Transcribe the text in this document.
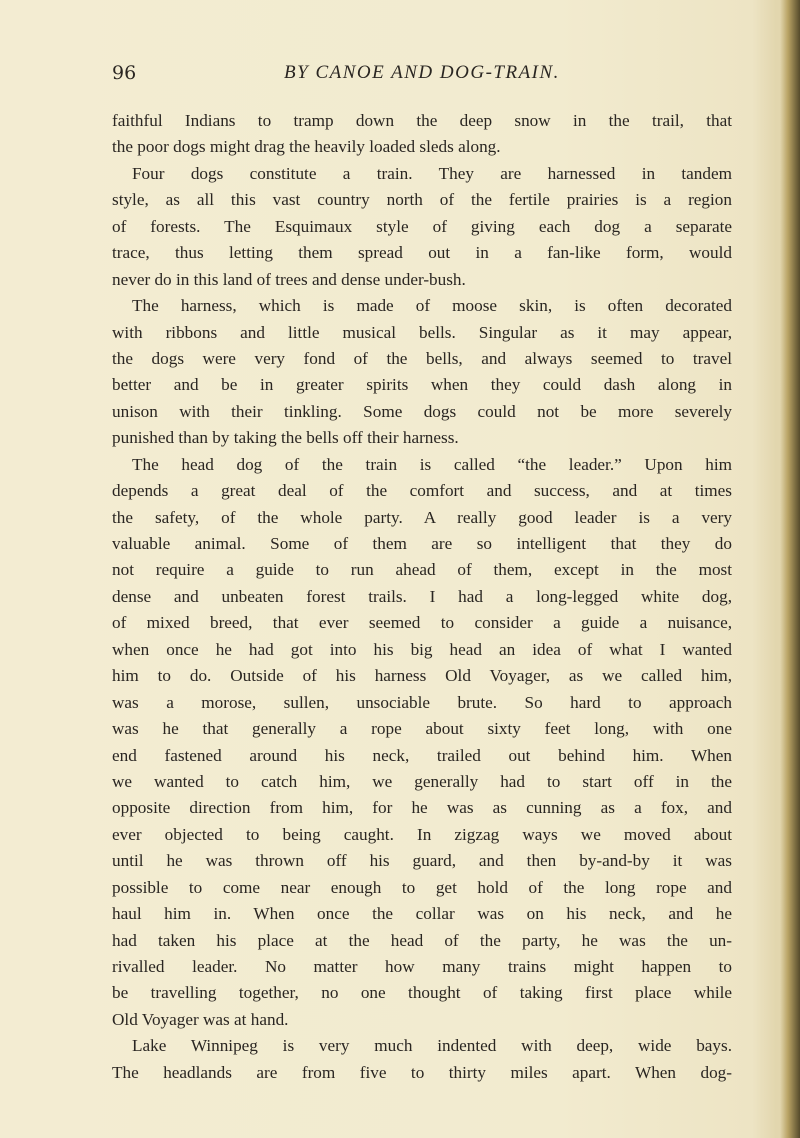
96	BY CANOE AND DOG-TRAIN.
faithful Indians to tramp down the deep snow in the trail, that
the poor dogs might drag the heavily loaded sleds along.
Four dogs constitute a train. They are harnessed in tandem
style, as all this vast country north of the fertile prairies is a region
of forests. The Esquimaux style of giving each dog a separate
trace, thus letting them spread out in a fan-like form, would
never do in this land of trees and dense under-bush.
The harness, which is made of moose skin, is often decorated
with ribbons and little musical bells. Singular as it may appear,
the dogs were very fond of the bells, and always seemed to travel
better and be in greater spirits when they could dash along in
unison with their tinkling. Some dogs could not be more severely
punished than by taking the bells off their harness.
The head dog of the train is called “the leader.” Upon him
depends a great deal of the comfort and success, and at times
the safety, of the whole party. A really good leader is a very
valuable animal. Some of them are so intelligent that they do
not require a guide to run ahead of them, except in the most
dense and unbeaten forest trails. I had a long-legged white dog,
of mixed breed, that ever seemed to consider a guide a nuisance,
when once he had got into his big head an idea of what I wanted
him to do. Outside of his harness Old Voyager, as we called him,
was a morose, sullen, unsociable brute. So hard to approach
was he that generally a rope about sixty feet long, with one
end fastened around his neck, trailed out behind him. When
we wanted to catch him, we generally had to start off in the
opposite direction from him, for he was as cunning as a fox, and
ever objected to being caught. In zigzag ways we moved about
until he was thrown off his guard, and then by-and-by it was
possible to come near enough to get hold of the long rope and
haul him in. When once the collar was on his neck, and he
had taken his place at the head of the party, he was the un-
rivalled leader. No matter how many trains might happen to
be travelling together, no one thought of taking first place while
Old Voyager was at hand.
Lake Winnipeg is very much indented with deep, wide bays.
The headlands are from five to thirty miles apart. When dog-
